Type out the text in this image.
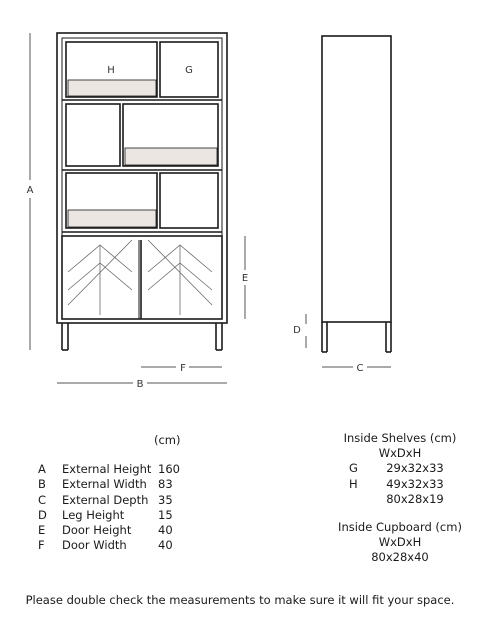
H	G
A
E
F
B
D
C
(cm)
A	External Height 160
B	External Width 83
C	External Depth 35
D	Leg Height	15
E	Door Height	40
F	Door Width	40
Inside Shelves (cm)
WxDxH
G	29x32x33
H	49x32x33
80x28x19
Inside Cupboard (cm)
WxDxH
80x28x40
Please double check the measurements to make sure it will fit your space.
